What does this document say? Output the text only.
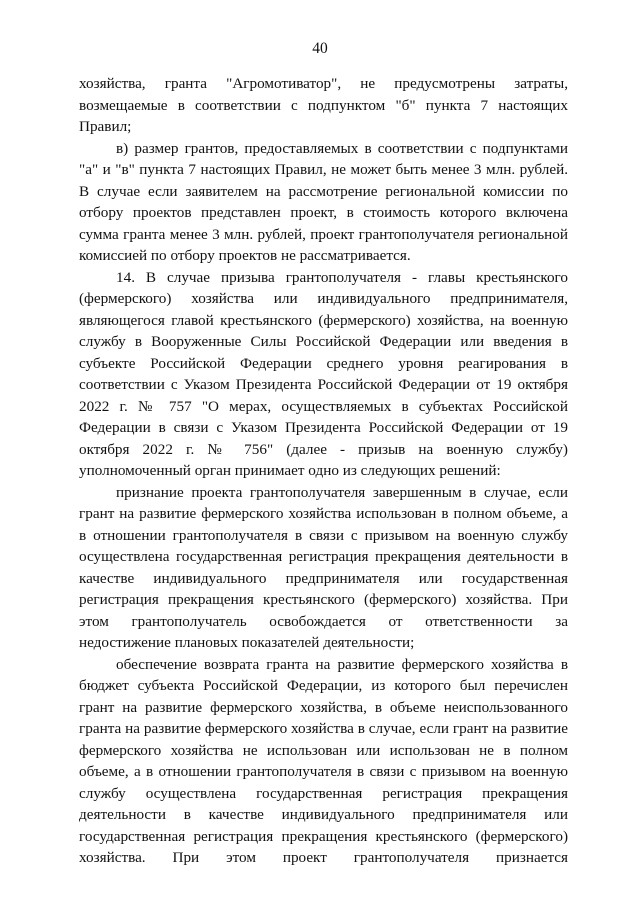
40

хозяйства, гранта "Агромотиватор", не предусмотрены затраты, возмещаемые в соответствии с подпунктом "б" пункта 7 настоящих Правил;

в) размер грантов, предоставляемых в соответствии с подпунктами "а" и "в" пункта 7 настоящих Правил, не может быть менее 3 млн. рублей. В случае если заявителем на рассмотрение региональной комиссии по отбору проектов представлен проект, в стоимость которого включена сумма гранта менее 3 млн. рублей, проект грантополучателя региональной комиссией по отбору проектов не рассматривается.

14. В случае призыва грантополучателя - главы крестьянского (фермерского) хозяйства или индивидуального предпринимателя, являющегося главой крестьянского (фермерского) хозяйства, на военную службу в Вооруженные Силы Российской Федерации или введения в субъекте Российской Федерации среднего уровня реагирования в соответствии с Указом Президента Российской Федерации от 19 октября 2022 г. № 757 "О мерах, осуществляемых в субъектах Российской Федерации в связи с Указом Президента Российской Федерации от 19 октября 2022 г. № 756" (далее - призыв на военную службу) уполномоченный орган принимает одно из следующих решений:

признание проекта грантополучателя завершенным в случае, если грант на развитие фермерского хозяйства использован в полном объеме, а в отношении грантополучателя в связи с призывом на военную службу осуществлена государственная регистрация прекращения деятельности в качестве индивидуального предпринимателя или государственная регистрация прекращения крестьянского (фермерского) хозяйства. При этом грантополучатель освобождается от ответственности за недостижение плановых показателей деятельности;

обеспечение возврата гранта на развитие фермерского хозяйства в бюджет субъекта Российской Федерации, из которого был перечислен грант на развитие фермерского хозяйства, в объеме неиспользованного гранта на развитие фермерского хозяйства в случае, если грант на развитие фермерского хозяйства не использован или использован не в полном объеме, а в отношении грантополучателя в связи с призывом на военную службу осуществлена государственная регистрация прекращения деятельности в качестве индивидуального предпринимателя или государственная регистрация прекращения крестьянского (фермерского) хозяйства. При этом проект грантополучателя признается
